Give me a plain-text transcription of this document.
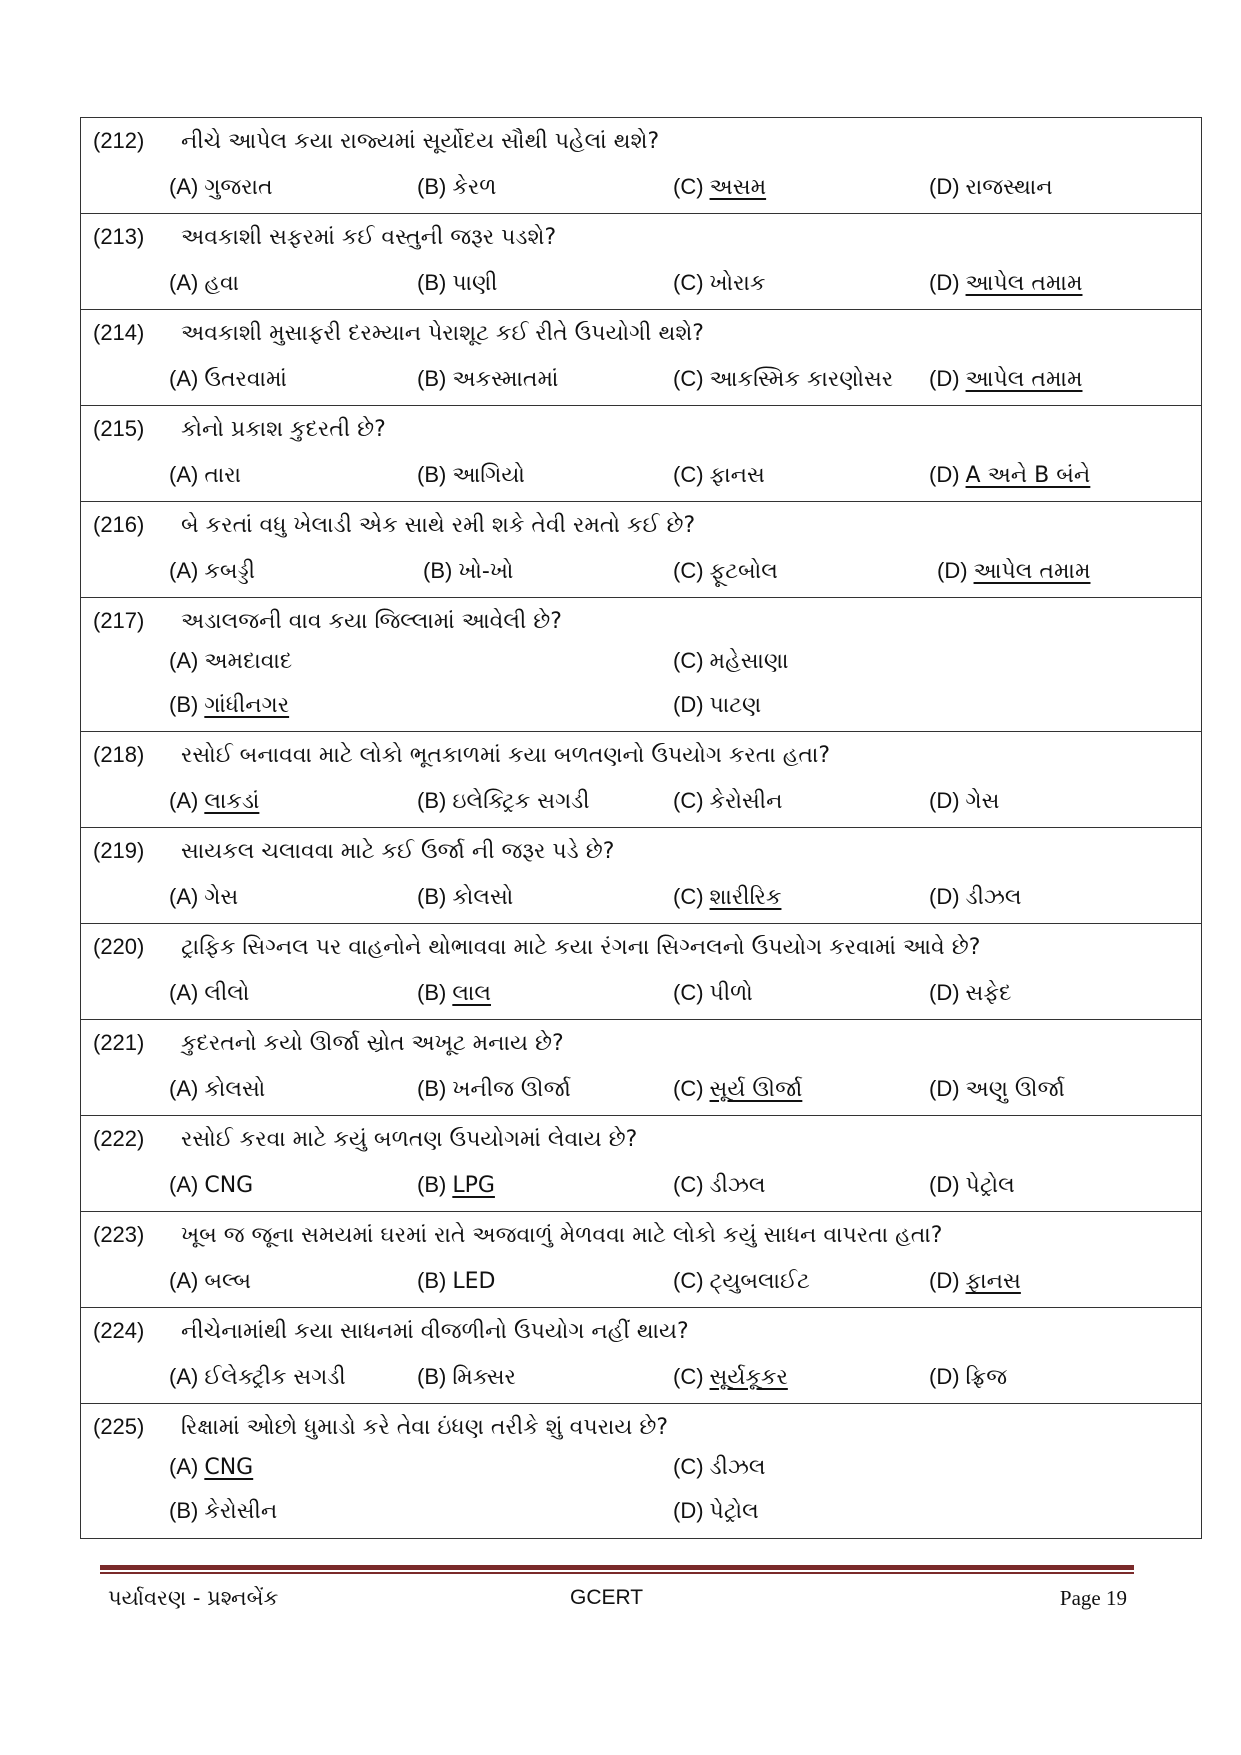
(212) નીચે આપેલ કયા રાજ્યમાં સૂર્યોદય સૌથી પહેલાં થશે?
(A) ગુજરાત	(B) કેરળ	(C) અસમ	(D) રાજસ્થાન
(213) અવકાશી સફરમાં કઈ વસ્તુની જરૂર પડશે?
(A) હવા	(B) પાણી	(C) ખોરાક	(D) આપેલ તમામ
(214) અવકાશી મુસાફરી દરમ્યાન પેરાશૂટ કઈ રીતે ઉપયોગી થશે?
(A) ઉતરવામાં	(B) અકસ્માતમાં	(C) આકસ્મિક કારણોસર (D) આપેલ તમામ
(215) કોનો પ્રકાશ કુદરતી છે?
(A) તારા	(B) આગિયો	(C) ફાનસ	(D) A અને B બંને
(216) બે કરતાં વધુ ખેલાડી એક સાથે રમી શકે તેવી રમતો કઈ છે?
(A) કબડ્ડી	(B) ખો-ખો	(C) ફૂટબોલ	(D) આપેલ તમામ
(217) અડાલજની વાવ કયા જિલ્લામાં આવેલી છે?
(A) અમદાવાદ	(C) મહેસાણા
(B) ગાંધીનગર	(D) પાટણ
(218) રસોઈ બનાવવા માટે લોકો ભૂતકાળમાં કયા બળતણનો ઉપયોગ કરતા હતા?
(A) લાકડાં	(B) ઇલેક્ટ્રિક સગડી	(C) કેરોસીન	(D) ગેસ
(219) સાયકલ ચલાવવા માટે કઈ ઉર્જા ની જરૂર પડે છે?
(A) ગેસ	(B) કોલસો	(C) શારીરિક	(D) ડીઝલ
(220) ટ્રાફિક સિગ્નલ પર વાહનોને થોભાવવા માટે કયા રંગના સિગ્નલનો ઉપયોગ કરવામાં આવે છે?
(A) લીલો	(B) લાલ	(C) પીળો	(D) સફેદ
(221) કુદરતનો કયો ઊર્જા સ્રોત અખૂટ મનાય છે?
(A) કોલસો	(B) ખનીજ ઊર્જા	(C) સૂર્ય ઊર્જા	(D) અણુ ઊર્જા
(222) રસોઈ કરવા માટે કયું બળતણ ઉપયોગમાં લેવાય છે?
(A) CNG	(B) LPG	(C) ડીઝલ	(D) પેટ્રોલ
(223) ખૂબ જ જૂના સમયમાં ઘરમાં રાતે અજવાળું મેળવવા માટે લોકો કયું સાધન વાપરતા હતા?
(A) બલ્બ	(B) LED	(C) ટ્યુબલાઈટ	(D) ફાનસ
(224) નીચેનામાંથી કયા સાધનમાં વીજળીનો ઉપયોગ નહીં થાય?
(A) ઈલેક્ટ્રીક સગડી	(B) મિક્સર	(C) સૂર્યકૂકર	(D) ફ્રિજ
(225) રિક્ષામાં ઓછો ધુમાડો કરે તેવા ઇંધણ તરીકે શું વપરાય છે?
(A) CNG	(C) ડીઝલ
(B) કેરોસીન	(D) પેટ્રોલ
પર્યાવરણ - પ્રશ્નબેંક	GCERT	Page 19
